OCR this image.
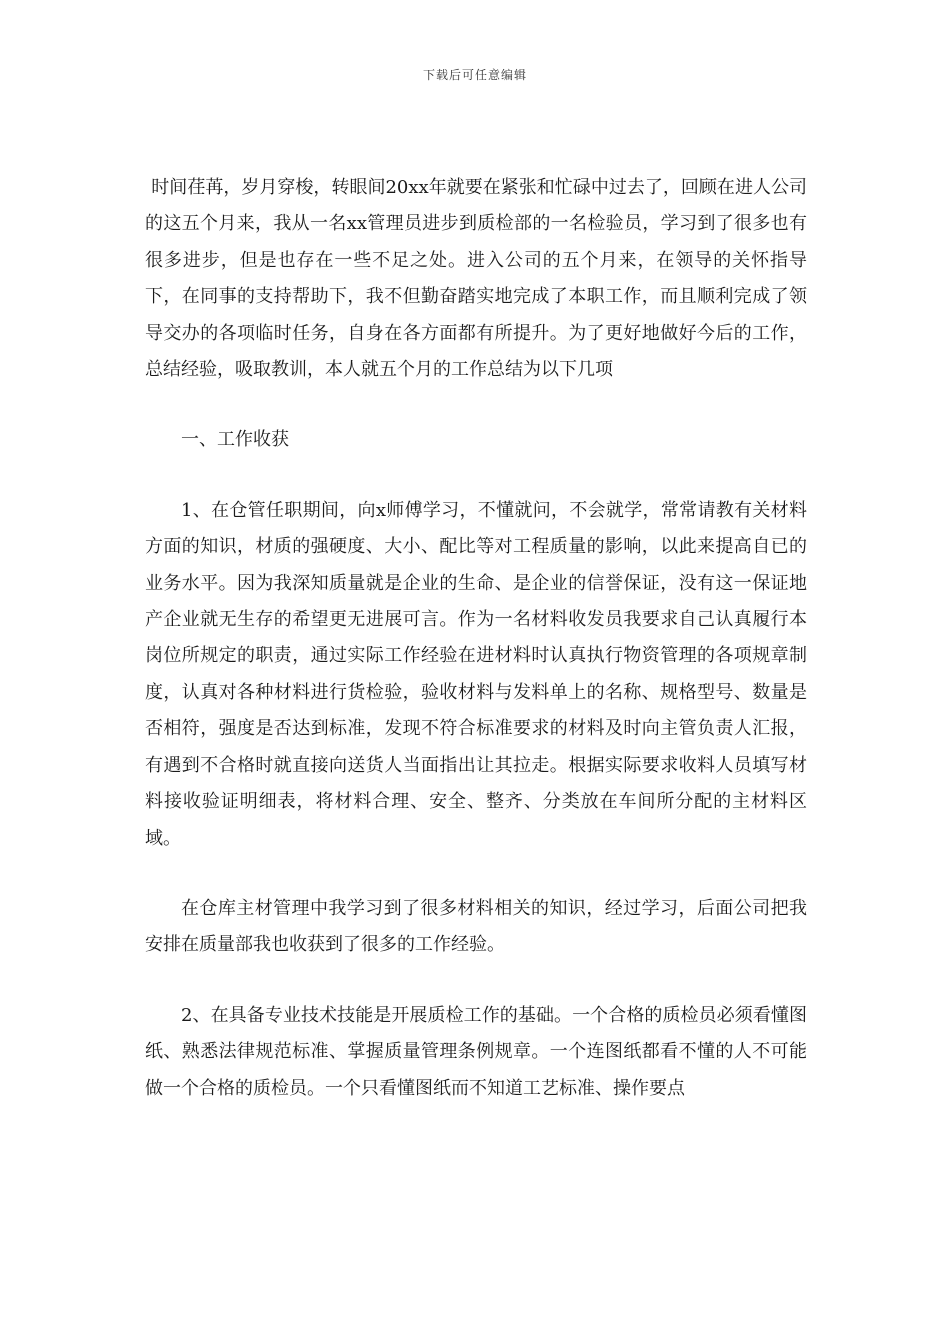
下载后可任意编辑

时间荏苒，岁月穿梭，转眼间20xx年就要在紧张和忙碌中过去了，回顾在进人公司的这五个月来，我从一名xx管理员进步到质检部的一名检验员，学习到了很多也有很多进步，但是也存在一些不足之处。进入公司的五个月来，在领导的关怀指导下，在同事的支持帮助下，我不但勤奋踏实地完成了本职工作，而且顺利完成了领导交办的各项临时任务，自身在各方面都有所提升。为了更好地做好今后的工作，总结经验，吸取教训，本人就五个月的工作总结为以下几项

一、工作收获

1、在仓管任职期间，向x师傅学习，不懂就问，不会就学，常常请教有关材料方面的知识，材质的强硬度、大小、配比等对工程质量的影响，以此来提高自已的业务水平。因为我深知质量就是企业的生命、是企业的信誉保证，没有这一保证地产企业就无生存的希望更无进展可言。作为一名材料收发员我要求自己认真履行本岗位所规定的职责，通过实际工作经验在进材料时认真执行物资管理的各项规章制度，认真对各种材料进行货检验，验收材料与发料单上的名称、规格型号、数量是否相符，强度是否达到标准，发现不符合标准要求的材料及时向主管负责人汇报，有遇到不合格时就直接向送货人当面指出让其拉走。根据实际要求收料人员填写材料接收验证明细表，将材料合理、安全、整齐、分类放在车间所分配的主材料区域。

在仓库主材管理中我学习到了很多材料相关的知识，经过学习，后面公司把我安排在质量部我也收获到了很多的工作经验。

2、在具备专业技术技能是开展质检工作的基础。一个合格的质检员必须看懂图纸、熟悉法律规范标准、掌握质量管理条例规章。一个连图纸都看不懂的人不可能做一个合格的质检员。一个只看懂图纸而不知道工艺标准、操作要点
